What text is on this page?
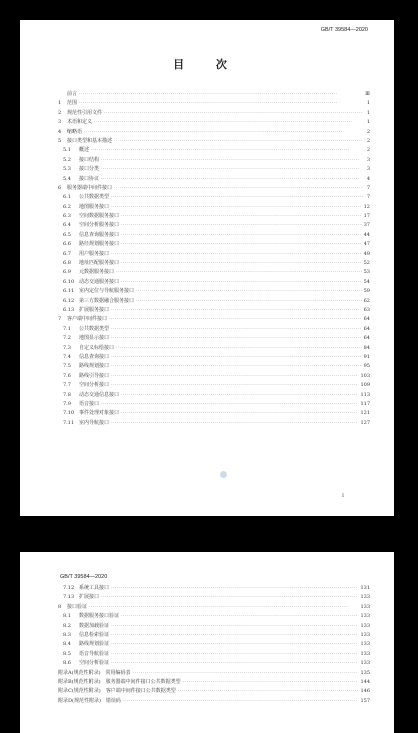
GB/T 39584—2020
目 次
前言 ·····	Ⅲ
1	范围 ·····	1
2	规范性引用文件 ·····	1
3	术语和定义 ·····	1
4	缩略语 ·····	2
5	接口类型和基本描述 ·····	2
5.1	概述 ·····	2
5.2	接口结构 ·····	3
5.3	接口分类 ·····	3
5.4	接口协议 ·····	4
6	服务器端中间件接口 ·····	7
6.1	公共数据类型 ·····	7
6.2	地图服务接口 ·····	12
6.3	空间数据服务接口 ·····	17
6.4	空间分析服务接口 ·····	37
6.5	信息查询服务接口 ·····	44
6.6	路径规划服务接口 ·····	47
6.7	用户服务接口 ·····	49
6.8	地址匹配服务接口 ·····	52
6.9	元数据服务接口 ·····	53
6.10 动态交通服务接口 ·····	54
6.11 室内定位与导航服务接口 ·····	59
6.12 第三方数据融合服务接口 ·····	62
6.13 扩展服务接口 ·····	63
7	客户端中间件接口 ·····	64
7.1	公共数据类型 ·····	64
7.2	地图显示接口 ·····	64
7.3	自定义标绘接口 ·····	84
7.4	信息查询接口 ·····	91
7.5	路线规划接口 ·····	95
7.6	路线引导接口 ·····	103
7.7	空间分析接口 ·····	109
7.8	动态交通信息接口 ·····	113
7.9	语音接口 ·····	117
7.10 事件处理对象接口 ·····	121
7.11 室内导航接口 ·····	127
I
GB/T 39584—2020
7.12 系统工具接口 ·····	131
7.13 扩展接口 ·····	133
8	接口验证 ·····	133
8.1	数据服务接口验证 ·····	133
8.2	数据加载验证 ·····	133
8.3	信息检索验证 ·····	133
8.4	路线规划验证 ·····	133
8.5	语音导航验证 ·····	133
8.6	空间分析验证 ·····	133
附录A (规范性附录)　常用编码表 ·····	135
附录B (规范性附录)　服务器端中间件接口公共数据类型 ·····	144
附录C (规范性附录)　客户端中间件接口公共数据类型 ·····	146
附录D (规范性附录)　错误码 ·····	157
